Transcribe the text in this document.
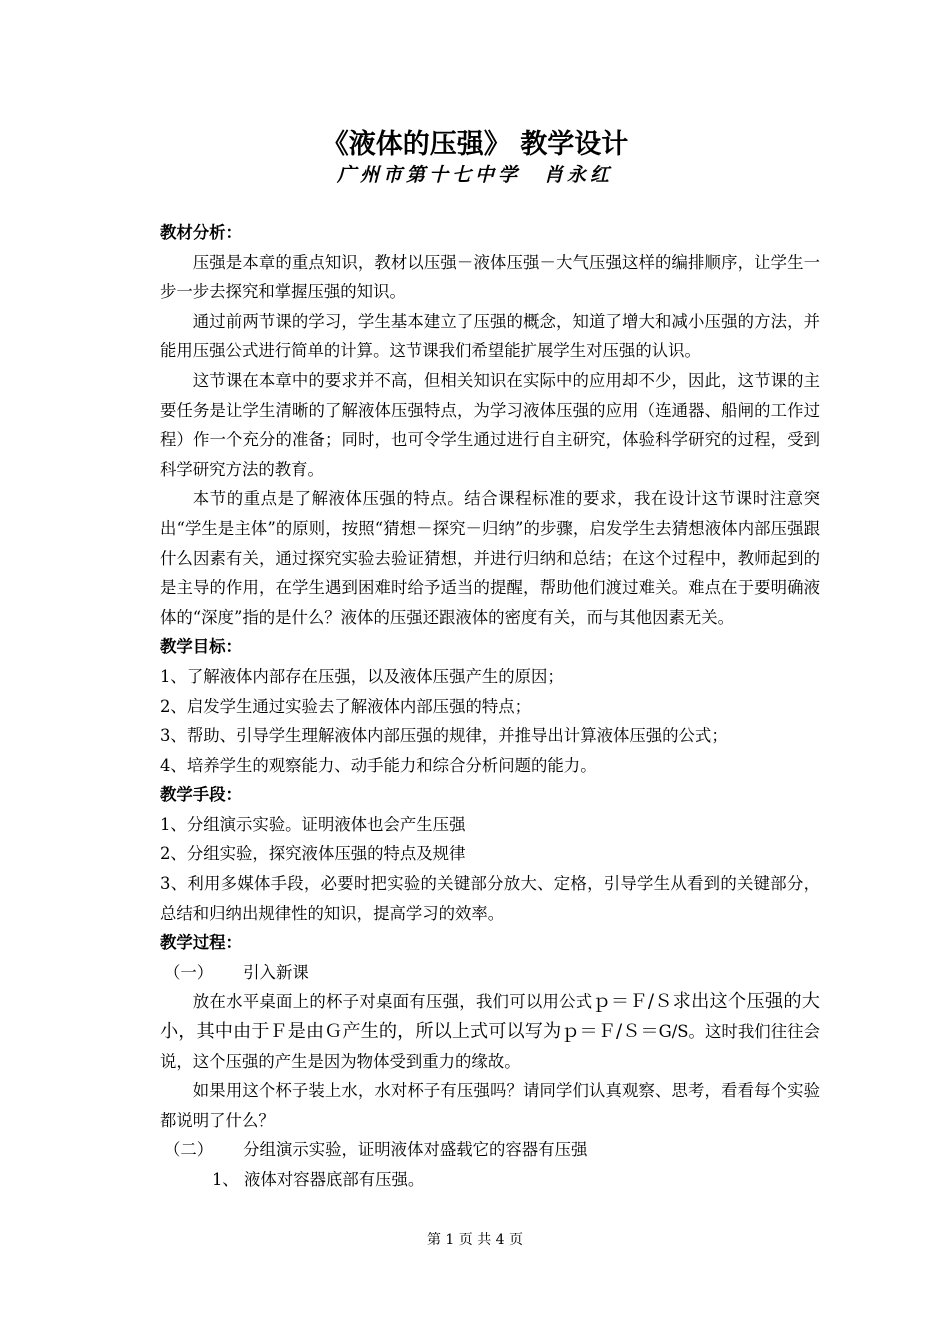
《液体的压强》 教学设计
广州市第十七中学　肖永红

教材分析：

压强是本章的重点知识，教材以压强－液体压强－大气压强这样的编排顺序，让学生一步一步去探究和掌握压强的知识。

通过前两节课的学习，学生基本建立了压强的概念，知道了增大和减小压强的方法，并能用压强公式进行简单的计算。这节课我们希望能扩展学生对压强的认识。

这节课在本章中的要求并不高，但相关知识在实际中的应用却不少，因此，这节课的主要任务是让学生清晰的了解液体压强特点，为学习液体压强的应用（连通器、船闸的工作过程）作一个充分的准备；同时，也可令学生通过进行自主研究，体验科学研究的过程，受到科学研究方法的教育。

本节的重点是了解液体压强的特点。结合课程标准的要求，我在设计这节课时注意突出“学生是主体”的原则，按照“猜想－探究－归纳”的步骤，启发学生去猜想液体内部压强跟什么因素有关，通过探究实验去验证猜想，并进行归纳和总结；在这个过程中，教师起到的是主导的作用，在学生遇到困难时给予适当的提醒，帮助他们渡过难关。难点在于要明确液体的“深度”指的是什么？液体的压强还跟液体的密度有关，而与其他因素无关。

教学目标：

1、了解液体内部存在压强，以及液体压强产生的原因；

2、启发学生通过实验去了解液体内部压强的特点；

3、帮助、引导学生理解液体内部压强的规律，并推导出计算液体压强的公式；

4、培养学生的观察能力、动手能力和综合分析问题的能力。

教学手段：

1、分组演示实验。证明液体也会产生压强

2、分组实验，探究液体压强的特点及规律

3、利用多媒体手段，必要时把实验的关键部分放大、定格，引导学生从看到的关键部分，总结和归纳出规律性的知识，提高学习的效率。

教学过程：

（一） 引入新课

放在水平桌面上的杯子对桌面有压强，我们可以用公式ｐ＝Ｆ/Ｓ求出这个压强的大小，其中由于Ｆ是由Ｇ产生的，所以上式可以写为ｐ＝Ｆ/Ｓ＝G/S。这时我们往往会说，这个压强的产生是因为物体受到重力的缘故。

如果用这个杯子装上水，水对杯子有压强吗？请同学们认真观察、思考，看看每个实验都说明了什么？

（二） 分组演示实验，证明液体对盛载它的容器有压强

1、 液体对容器底部有压强。

第 1 页 共 4 页
